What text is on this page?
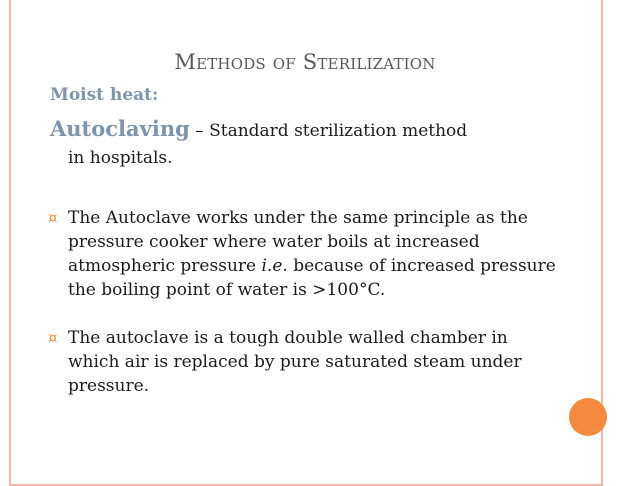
Methods of Sterilization
Moist heat:
Autoclaving – Standard sterilization method
in hospitals.
¤ The Autoclave works under the same principle as the pressure cooker where water boils at increased atmospheric pressure i.e. because of increased pressure the boiling point of water is >100°C.
¤ The autoclave is a tough double walled chamber in which air is replaced by pure saturated steam under pressure.
